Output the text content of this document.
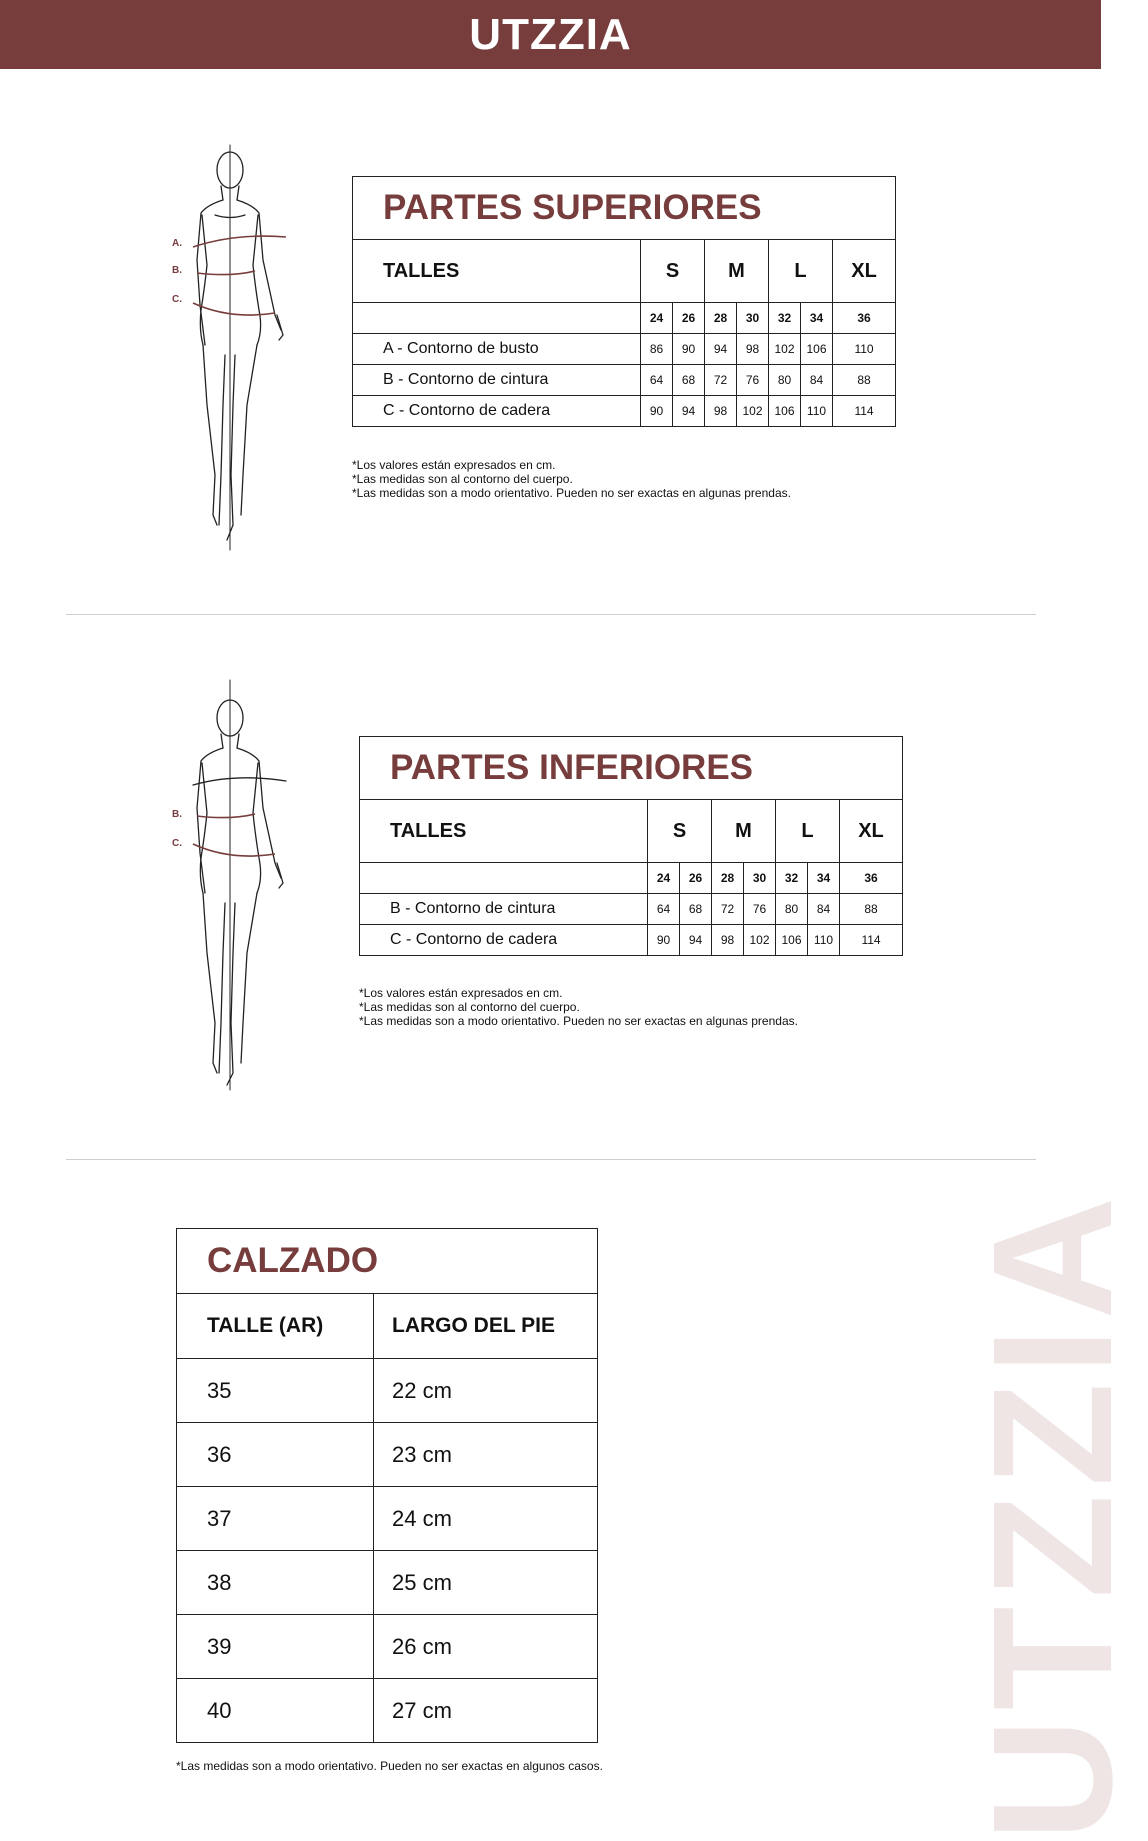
UTZZIA
A.
B.
C.
PARTES SUPERIORES							
TALLES	S		M		L		XL
	24	26	28	30	32	34	36
A - Contorno de busto	86	90	94	98	102	106	110
B - Contorno de cintura	64	68	72	76	80	84	88
C - Contorno de cadera	90	94	98	102	106	110	114
*Los valores están expresados en cm.
*Las medidas son al contorno del cuerpo.
*Las medidas son a modo orientativo. Pueden no ser exactas en algunas prendas.
B.
C.
PARTES INFERIORES							
TALLES	S		M		L		XL
	24	26	28	30	32	34	36
B - Contorno de cintura	64	68	72	76	80	84	88
C - Contorno de cadera	90	94	98	102	106	110	114
*Los valores están expresados en cm.
*Las medidas son al contorno del cuerpo.
*Las medidas son a modo orientativo. Pueden no ser exactas en algunas prendas.
CALZADO	
TALLE (AR)	LARGO DEL PIE
35	22 cm
36	23 cm
37	24 cm
38	25 cm
39	26 cm
40	27 cm
*Las medidas son a modo orientativo. Pueden no ser exactas en algunos casos. UTZZIA
